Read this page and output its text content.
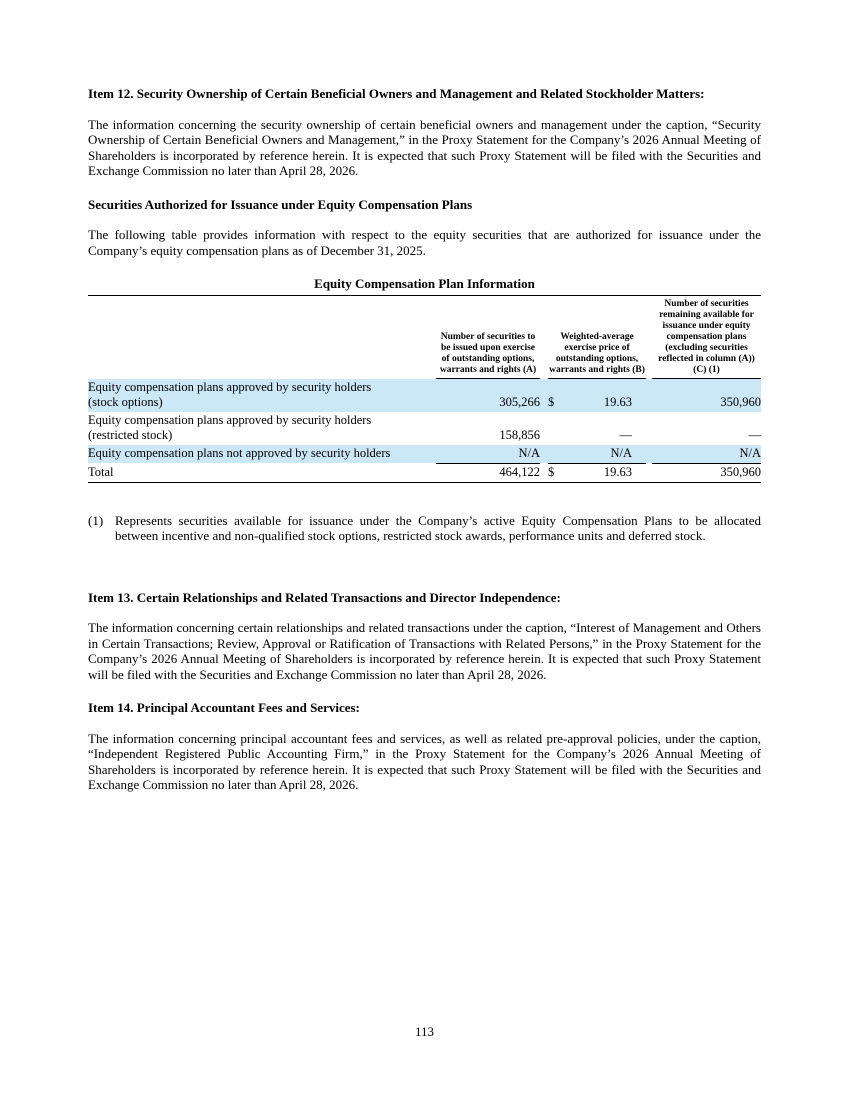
Item 12. Security Ownership of Certain Beneficial Owners and Management and Related Stockholder Matters:

The information concerning the security ownership of certain beneficial owners and management under the caption, “Security Ownership of Certain Beneficial Owners and Management,” in the Proxy Statement for the Company’s 2026 Annual Meeting of Shareholders is incorporated by reference herein. It is expected that such Proxy Statement will be filed with the Securities and Exchange Commission no later than April 28, 2026.

Securities Authorized for Issuance under Equity Compensation Plans

The following table provides information with respect to the equity securities that are authorized for issuance under the Company’s equity compensation plans as of December 31, 2025.

Equity Compensation Plan Information
	Number of securities to be issued upon exercise of outstanding options, warrants and rights (A)		Weighted-average exercise price of outstanding options, warrants and rights (B)		Number of securities remaining available for issuance under equity compensation plans (excluding securities reflected in column (A)) (C) (1)

Equity compensation plans approved by security holders
(stock options)	305,266		$	19.63		350,960

Equity compensation plans approved by security holders
(restricted stock)	158,856		—		—

Equity compensation plans not approved by security holders	N/A		N/A		N/A

Total	464,122		$ 19.63		350,960
(1) Represents securities available for issuance under the Company’s active Equity Compensation Plans to be allocated between incentive and non-qualified stock options, restricted stock awards, performance units and deferred stock.
Item 13. Certain Relationships and Related Transactions and Director Independence:

The information concerning certain relationships and related transactions under the caption, “Interest of Management and Others in Certain Transactions; Review, Approval or Ratification of Transactions with Related Persons,” in the Proxy Statement for the Company’s 2026 Annual Meeting of Shareholders is incorporated by reference herein. It is expected that such Proxy Statement will be filed with the Securities and Exchange Commission no later than April 28, 2026.

Item 14. Principal Accountant Fees and Services:

The information concerning principal accountant fees and services, as well as related pre-approval policies, under the caption, “Independent Registered Public Accounting Firm,” in the Proxy Statement for the Company’s 2026 Annual Meeting of Shareholders is incorporated by reference herein. It is expected that such Proxy Statement will be filed with the Securities and Exchange Commission no later than April 28, 2026.

113
